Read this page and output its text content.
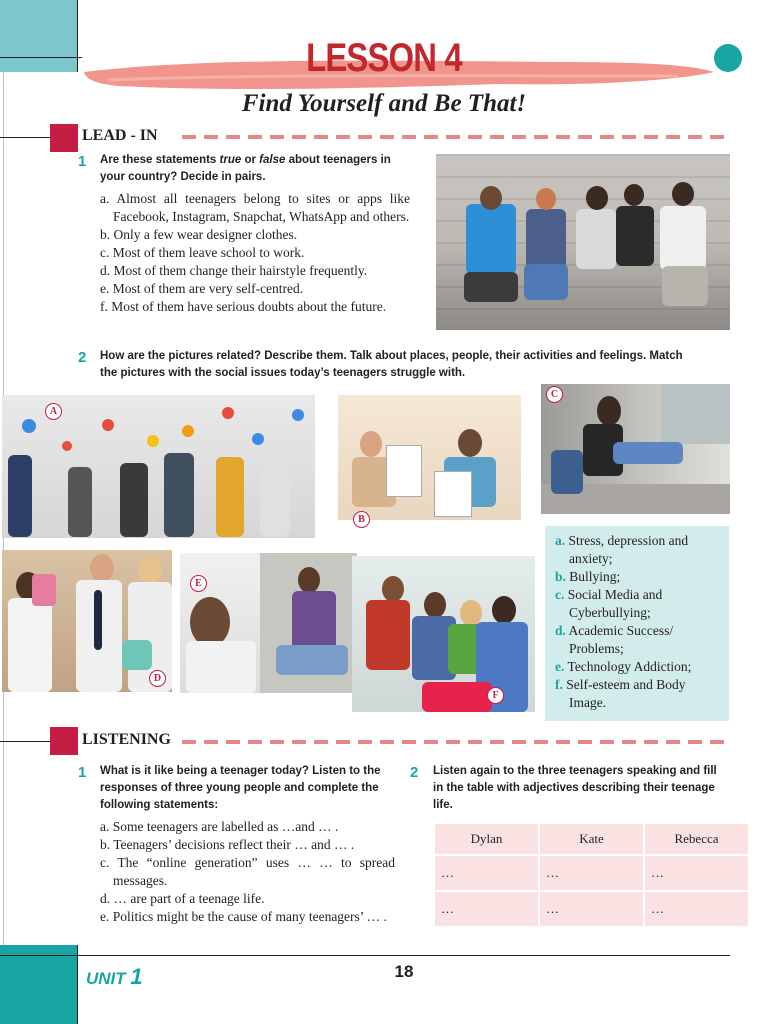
LESSON 4
Find Yourself and Be That!
LEAD - IN
1 Are these statements true or false about teenagers in your country? Decide in pairs.
a. Almost all teenagers belong to sites or apps like Facebook, Instagram, Snapchat, WhatsApp and others.
b. Only a few wear designer clothes.
c. Most of them leave school to work.
d. Most of them change their hairstyle frequently.
e. Most of them are very self-centred.
f. Most of them have serious doubts about the future.
2 How are the pictures related? Describe them. Talk about places, people, their activities and feelings. Match the pictures with the social issues today’s teenagers struggle with.
A
B
C
D
E
F
a. Stress, depression and anxiety;
b. Bullying;
c. Social Media and Cyberbullying;
d. Academic Success/ Problems;
e. Technology Addiction;
f. Self-esteem and Body Image.
LISTENING
1 What is it like being a teenager today? Listen to the responses of three young people and complete the following statements:
a. Some teenagers are labelled as …and … .
b. Teenagers’ decisions reflect their … and … .
c. The “online generation” uses … … to spread messages.
d. … are part of a teenage life.
e. Politics might be the cause of many teenagers’ … .
2 Listen again to the three teenagers speaking and fill in the table with adjectives describing their teenage life.
Dylan	Kate	Rebecca
…	…	…
…	…	…
UNIT 1	18
